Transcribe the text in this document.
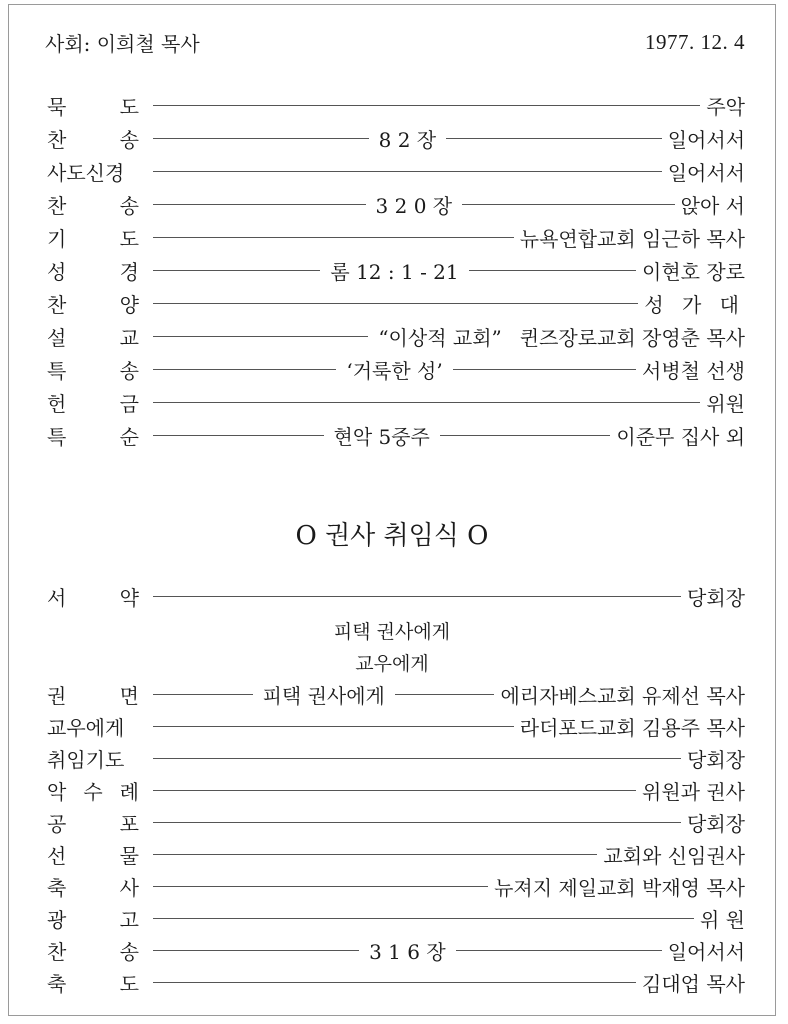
사회: 이희철 목사	1977. 12. 4
묵 도	주악
찬 송	8 2 장	일어서서
사도신경	일어서서
찬 송	3 2 0 장	앉아 서
기 도	뉴욕연합교회 임근하 목사
성 경	롬 12 : 1 - 21	이현호 장로
찬 양	성 가 대
설 교	“이상적 교회” 퀸즈장로교회 장영춘 목사
특 송	‘거룩한 성’	서병철 선생
헌 금	위원
특 순	현악 5중주	이준무 집사 외
O 권사 취임식 O
서 약	당회장
피택 권사에게
교우에게
권 면	피택 권사에게	에리자베스교회 유제선 목사
교우에게	라더포드교회 김용주 목사
취임기도	당회장
악 수 례	위원과 권사
공 포	당회장
선 물	교회와 신임권사
축 사	뉴져지 제일교회 박재영 목사
광 고	위 원
찬 송	3 1 6 장	일어서서
축 도	김대업 목사
